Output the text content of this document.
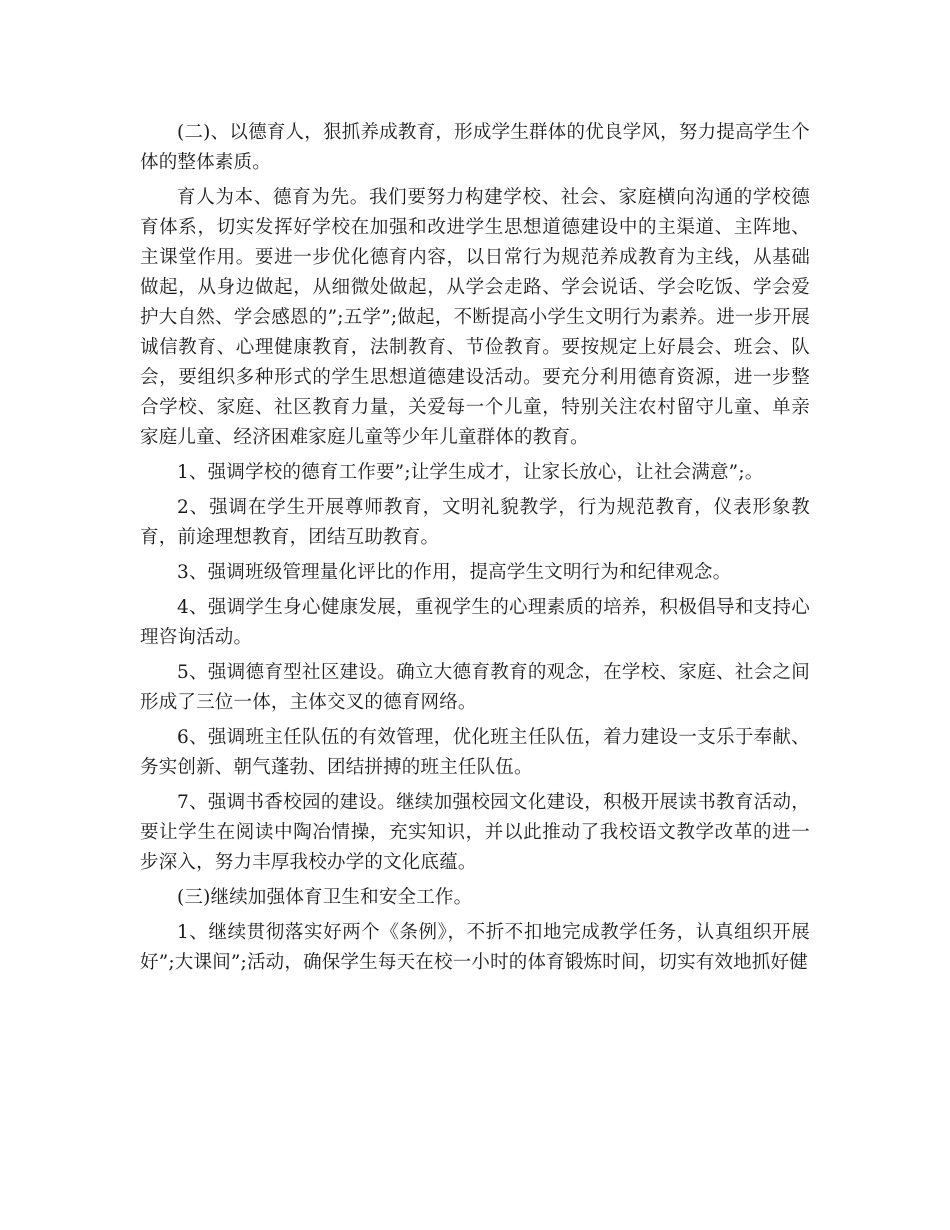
(二)、以德育人，狠抓养成教育，形成学生群体的优良学风，努力提高学生个体的整体素质。

育人为本、德育为先。我们要努力构建学校、社会、家庭横向沟通的学校德育体系，切实发挥好学校在加强和改进学生思想道德建设中的主渠道、主阵地、主课堂作用。要进一步优化德育内容，以日常行为规范养成教育为主线，从基础做起，从身边做起，从细微处做起，从学会走路、学会说话、学会吃饭、学会爱护大自然、学会感恩的”;五学”;做起，不断提高小学生文明行为素养。进一步开展诚信教育、心理健康教育，法制教育、节俭教育。要按规定上好晨会、班会、队会，要组织多种形式的学生思想道德建设活动。要充分利用德育资源，进一步整合学校、家庭、社区教育力量，关爱每一个儿童，特别关注农村留守儿童、单亲家庭儿童、经济困难家庭儿童等少年儿童群体的教育。

1、强调学校的德育工作要”;让学生成才，让家长放心，让社会满意”;。

2、强调在学生开展尊师教育，文明礼貌教学，行为规范教育，仪表形象教育，前途理想教育，团结互助教育。

3、强调班级管理量化评比的作用，提高学生文明行为和纪律观念。

4、强调学生身心健康发展，重视学生的心理素质的培养，积极倡导和支持心理咨询活动。

5、强调德育型社区建设。确立大德育教育的观念，在学校、家庭、社会之间形成了三位一体，主体交叉的德育网络。

6、强调班主任队伍的有效管理，优化班主任队伍，着力建设一支乐于奉献、务实创新、朝气蓬勃、团结拼搏的班主任队伍。

7、强调书香校园的建设。继续加强校园文化建设，积极开展读书教育活动，要让学生在阅读中陶冶情操，充实知识，并以此推动了我校语文教学改革的进一步深入，努力丰厚我校办学的文化底蕴。

(三)继续加强体育卫生和安全工作。

1、继续贯彻落实好两个《条例》，不折不扣地完成教学任务，认真组织开展好”;大课间”;活动，确保学生每天在校一小时的体育锻炼时间，切实有效地抓好健
